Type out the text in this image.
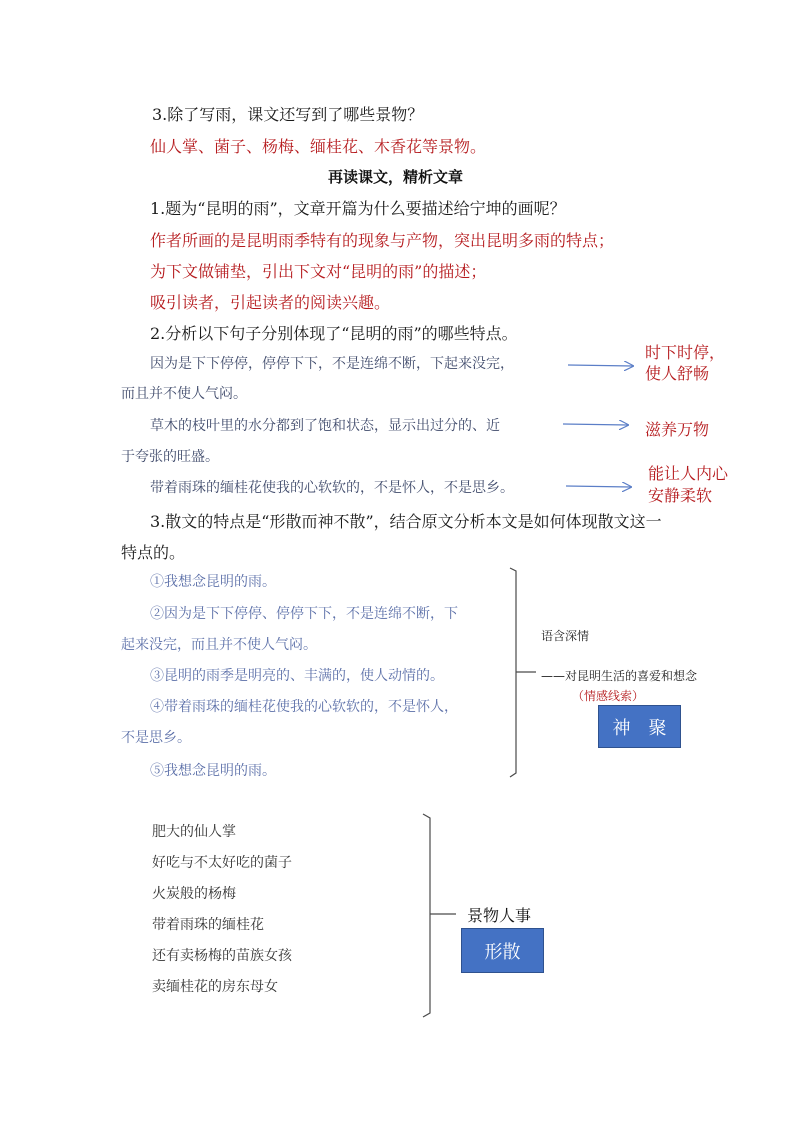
3.除了写雨，课文还写到了哪些景物？
仙人掌、菌子、杨梅、缅桂花、木香花等景物。
再读课文，精析文章
1.题为“昆明的雨”，文章开篇为什么要描述给宁坤的画呢？
作者所画的是昆明雨季特有的现象与产物，突出昆明多雨的特点；
为下文做铺垫，引出下文对“昆明的雨”的描述；
吸引读者，引起读者的阅读兴趣。
2.分析以下句子分别体现了“昆明的雨”的哪些特点。
因为是下下停停，停停下下，不是连绵不断，下起来没完，
而且并不使人气闷。
时下时停，
使人舒畅
草木的枝叶里的水分都到了饱和状态，显示出过分的、近
于夸张的旺盛。
滋养万物
带着雨珠的缅桂花使我的心软软的，不是怀人，不是思乡。
能让人内心
安静柔软
3.散文的特点是“形散而神不散”，结合原文分析本文是如何体现散文这一
特点的。
①我想念昆明的雨。
②因为是下下停停、停停下下，不是连绵不断，下
起来没完，而且并不使人气闷。
③昆明的雨季是明亮的、丰满的，使人动情的。
④带着雨珠的缅桂花使我的心软软的，不是怀人，
不是思乡。
⑤我想念昆明的雨。
语含深情
——对昆明生活的喜爱和想念
（情感线索）
神　聚
肥大的仙人掌
好吃与不太好吃的菌子
火炭般的杨梅
带着雨珠的缅桂花
还有卖杨梅的苗族女孩
卖缅桂花的房东母女
景物人事
形散
